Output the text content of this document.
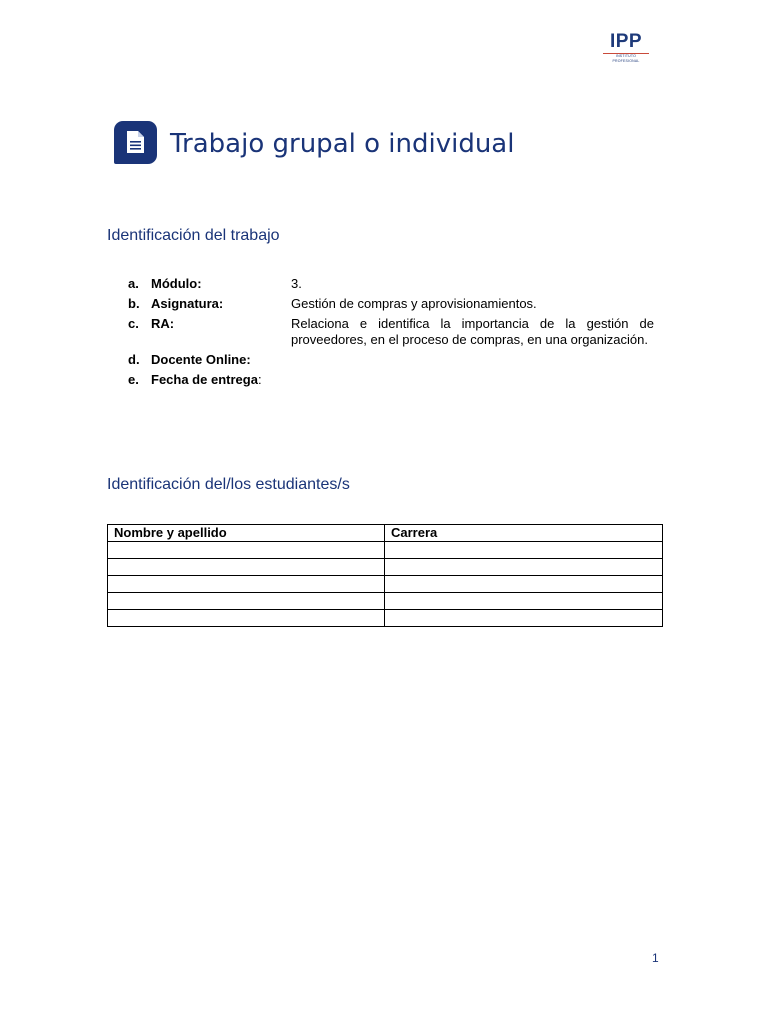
IPP
INSTITUTO PROFESIONAL
Trabajo grupal o individual
Identificación del trabajo
a. Módulo:	3.
b. Asignatura:	Gestión de compras y aprovisionamientos.
c. RA:	Relaciona e identifica la importancia de la gestión de proveedores, en el proceso de compras, en una organización.
d. Docente Online:
e. Fecha de entrega:
Identificación del/los estudiantes/s
Nombre y apellido	Carrera

1
